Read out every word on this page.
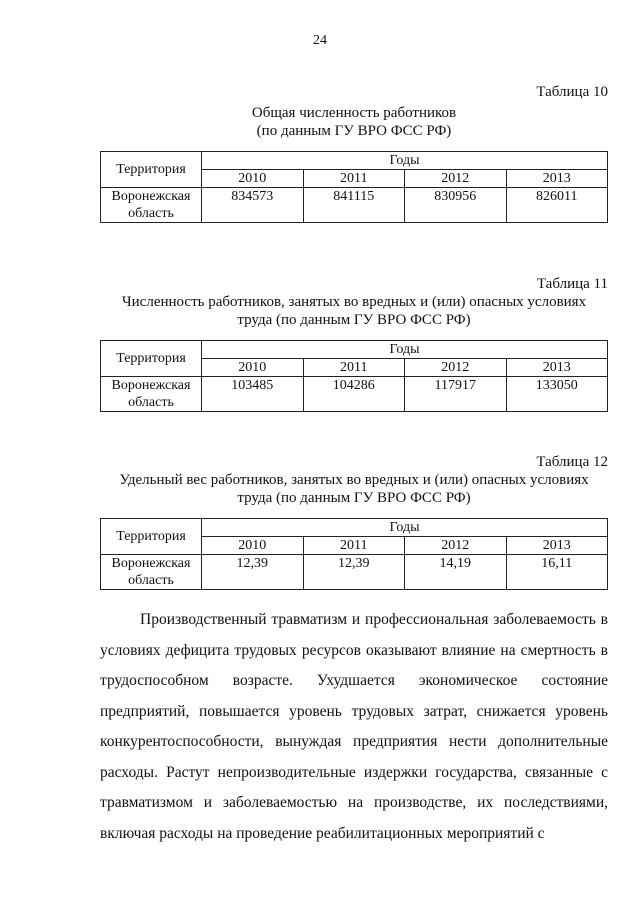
24
Таблица 10
Общая численность работников
(по данным ГУ ВРО ФСС РФ)
Территория	Годы			
	2010	2011	2012	2013

Воронежская
область	834573	841115	830956	826011
Таблица 11
Численность работников, занятых во вредных и (или) опасных условиях
труда (по данным ГУ ВРО ФСС РФ)
Территория	Годы			
	2010	2011	2012	2013

Воронежская
область	103485	104286	117917	133050
Таблица 12
Удельный вес работников, занятых во вредных и (или) опасных условиях
труда (по данным ГУ ВРО ФСС РФ)
Территория	Годы			
	2010	2011	2012	2013

Воронежская
область	12,39	12,39	14,19	16,11

Производственный травматизм и профессиональная заболеваемость в условиях дефицита трудовых ресурсов оказывают влияние на смертность в трудоспособном возрасте. Ухудшается экономическое состояние предприятий, повышается уровень трудовых затрат, снижается уровень конкурентоспособности, вынуждая предприятия нести дополнительные расходы. Растут непроизводительные издержки государства, связанные с травматизмом и заболеваемостью на производстве, их последствиями, включая расходы на проведение реабилитационных мероприятий с
